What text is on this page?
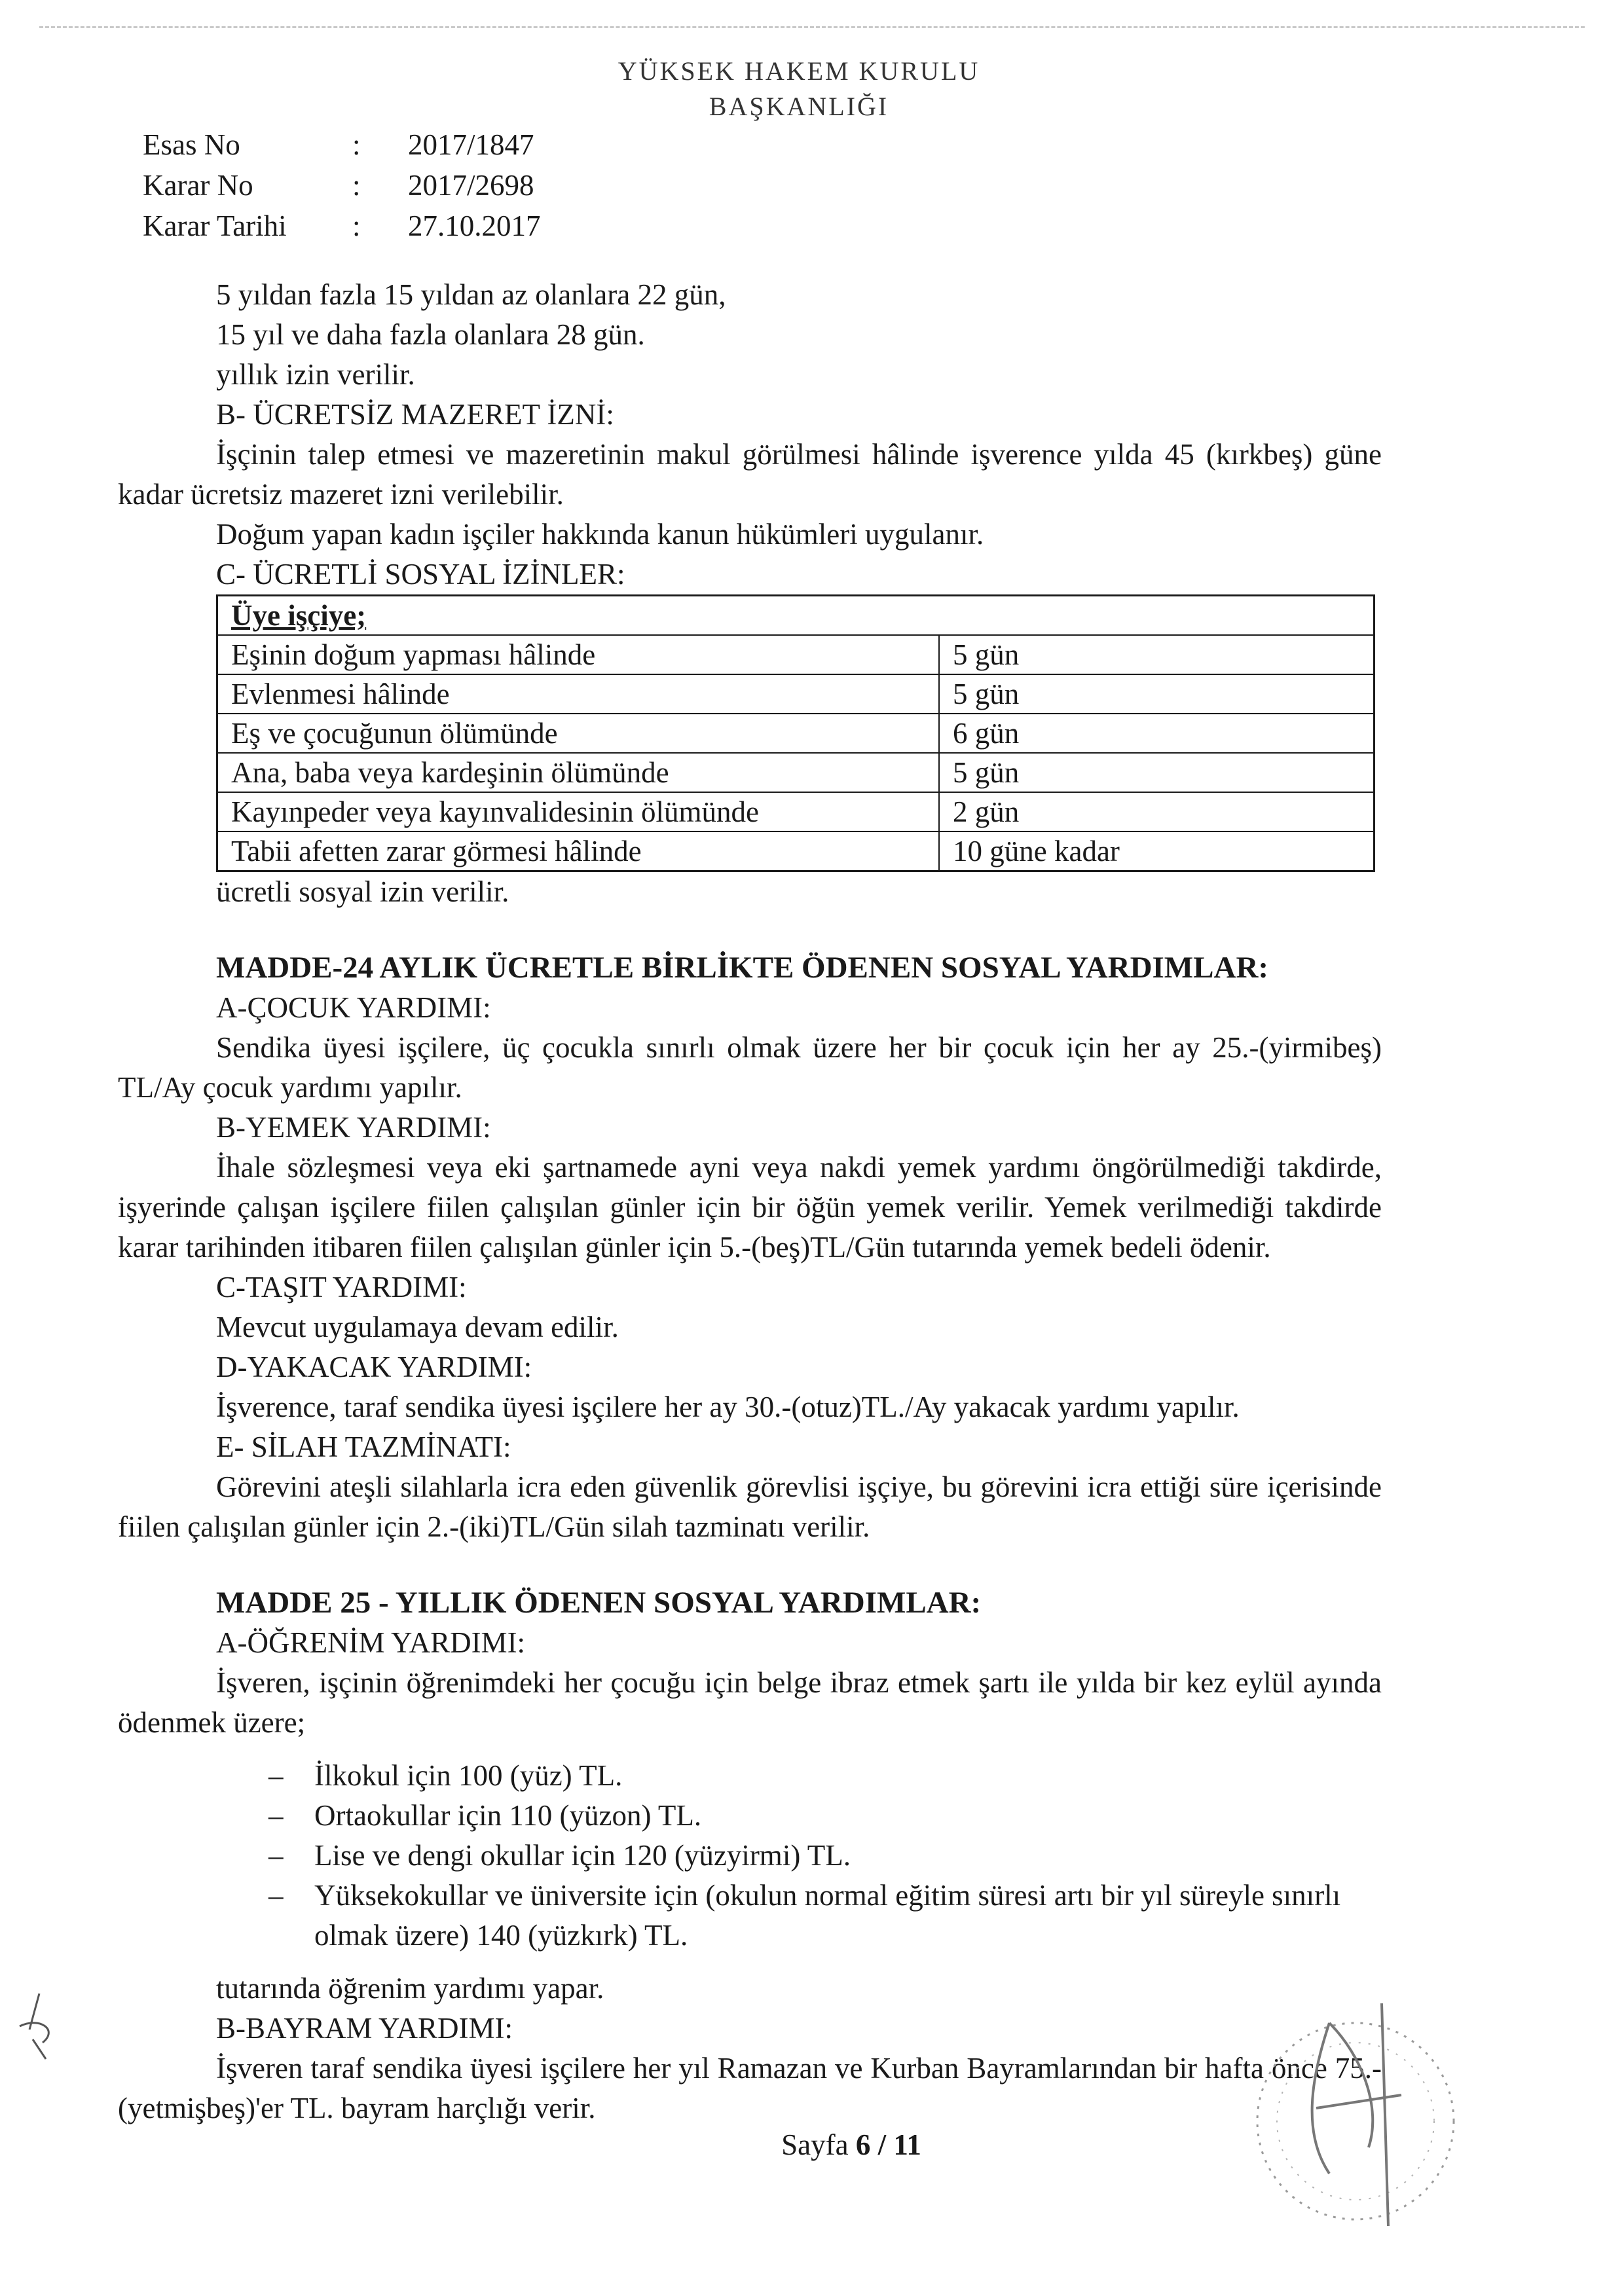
YÜKSEK HAKEM KURULU
BAŞKANLIĞI
Esas No	:	2017/1847
Karar No	:	2017/2698
Karar Tarihi	:	27.10.2017
5 yıldan fazla 15 yıldan az olanlara 22 gün,
15 yıl ve daha fazla olanlara 28 gün.
yıllık izin verilir.
B- ÜCRETSİZ MAZERET İZNİ:
İşçinin talep etmesi ve mazeretinin makul görülmesi hâlinde işverence yılda 45 (kırkbeş) güne kadar ücretsiz mazeret izni verilebilir.
Doğum yapan kadın işçiler hakkında kanun hükümleri uygulanır.
C- ÜCRETLİ SOSYAL İZİNLER:
Üye işçiye;	
Eşinin doğum yapması hâlinde	5 gün
Evlenmesi hâlinde	5 gün
Eş ve çocuğunun ölümünde	6 gün
Ana, baba veya kardeşinin ölümünde	5 gün
Kayınpeder veya kayınvalidesinin ölümünde	2 gün
Tabii afetten zarar görmesi hâlinde	10 güne kadar
ücretli sosyal izin verilir.
MADDE-24 AYLIK ÜCRETLE BİRLİKTE ÖDENEN SOSYAL YARDIMLAR:
A-ÇOCUK YARDIMI:
Sendika üyesi işçilere, üç çocukla sınırlı olmak üzere her bir çocuk için her ay 25.-(yirmibeş) TL/Ay çocuk yardımı yapılır.
B-YEMEK YARDIMI:
İhale sözleşmesi veya eki şartnamede ayni veya nakdi yemek yardımı öngörülmediği takdirde, işyerinde çalışan işçilere fiilen çalışılan günler için bir öğün yemek verilir. Yemek verilmediği takdirde karar tarihinden itibaren fiilen çalışılan günler için 5.-(beş)TL/Gün tutarında yemek bedeli ödenir.
C-TAŞIT YARDIMI:
Mevcut uygulamaya devam edilir.
D-YAKACAK YARDIMI:
İşverence, taraf sendika üyesi işçilere her ay 30.-(otuz)TL./Ay yakacak yardımı yapılır.
E- SİLAH TAZMİNATI:
Görevini ateşli silahlarla icra eden güvenlik görevlisi işçiye, bu görevini icra ettiği süre içerisinde fiilen çalışılan günler için 2.-(iki)TL/Gün silah tazminatı verilir.
MADDE 25 - YILLIK ÖDENEN SOSYAL YARDIMLAR:
A-ÖĞRENİM YARDIMI:
İşveren, işçinin öğrenimdeki her çocuğu için belge ibraz etmek şartı ile yılda bir kez eylül ayında ödenmek üzere;
– İlkokul için 100 (yüz) TL.
– Ortaokullar için 110 (yüzon) TL.
– Lise ve dengi okullar için 120 (yüzyirmi) TL.
– Yüksekokullar ve üniversite için (okulun normal eğitim süresi artı bir yıl süreyle sınırlı olmak üzere) 140 (yüzkırk) TL.
tutarında öğrenim yardımı yapar.
B-BAYRAM YARDIMI:
İşveren taraf sendika üyesi işçilere her yıl Ramazan ve Kurban Bayramlarından bir hafta önce 75.-(yetmişbeş)'er TL. bayram harçlığı verir.
Sayfa 6 / 11
